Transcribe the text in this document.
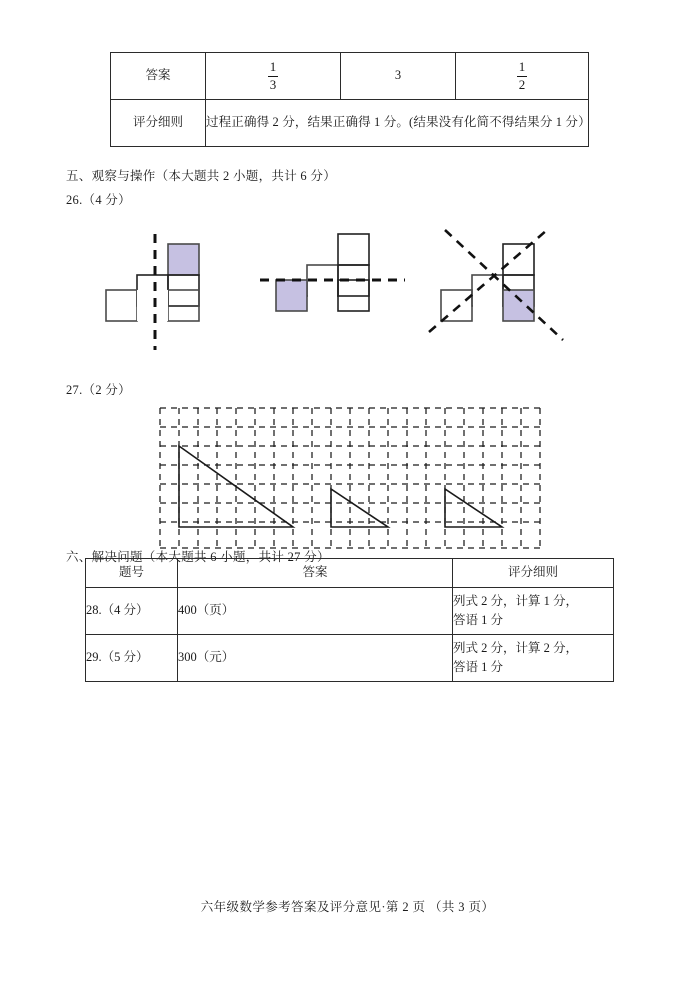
答案	$\frac{1}{3}$	3	$\frac{1}{2}$

评分细则	过程正确得 2 分，结果正确得 1 分。(结果没有化简不得结果分 1 分）		
五、观察与操作（本大题共 2 小题，共计 6 分）
26.（4 分）
27.（2 分）
六、解决问题（本大题共 6 小题，共计 27 分）
题号	答案	评分细则
28.（4 分）	400（页）	列式 2 分，计算 1 分，
答语 1 分

29.（5 分）	300（元）	列式 2 分，计算 2 分，
答语 1 分
六年级数学参考答案及评分意见·第 2 页 （共 3 页）
